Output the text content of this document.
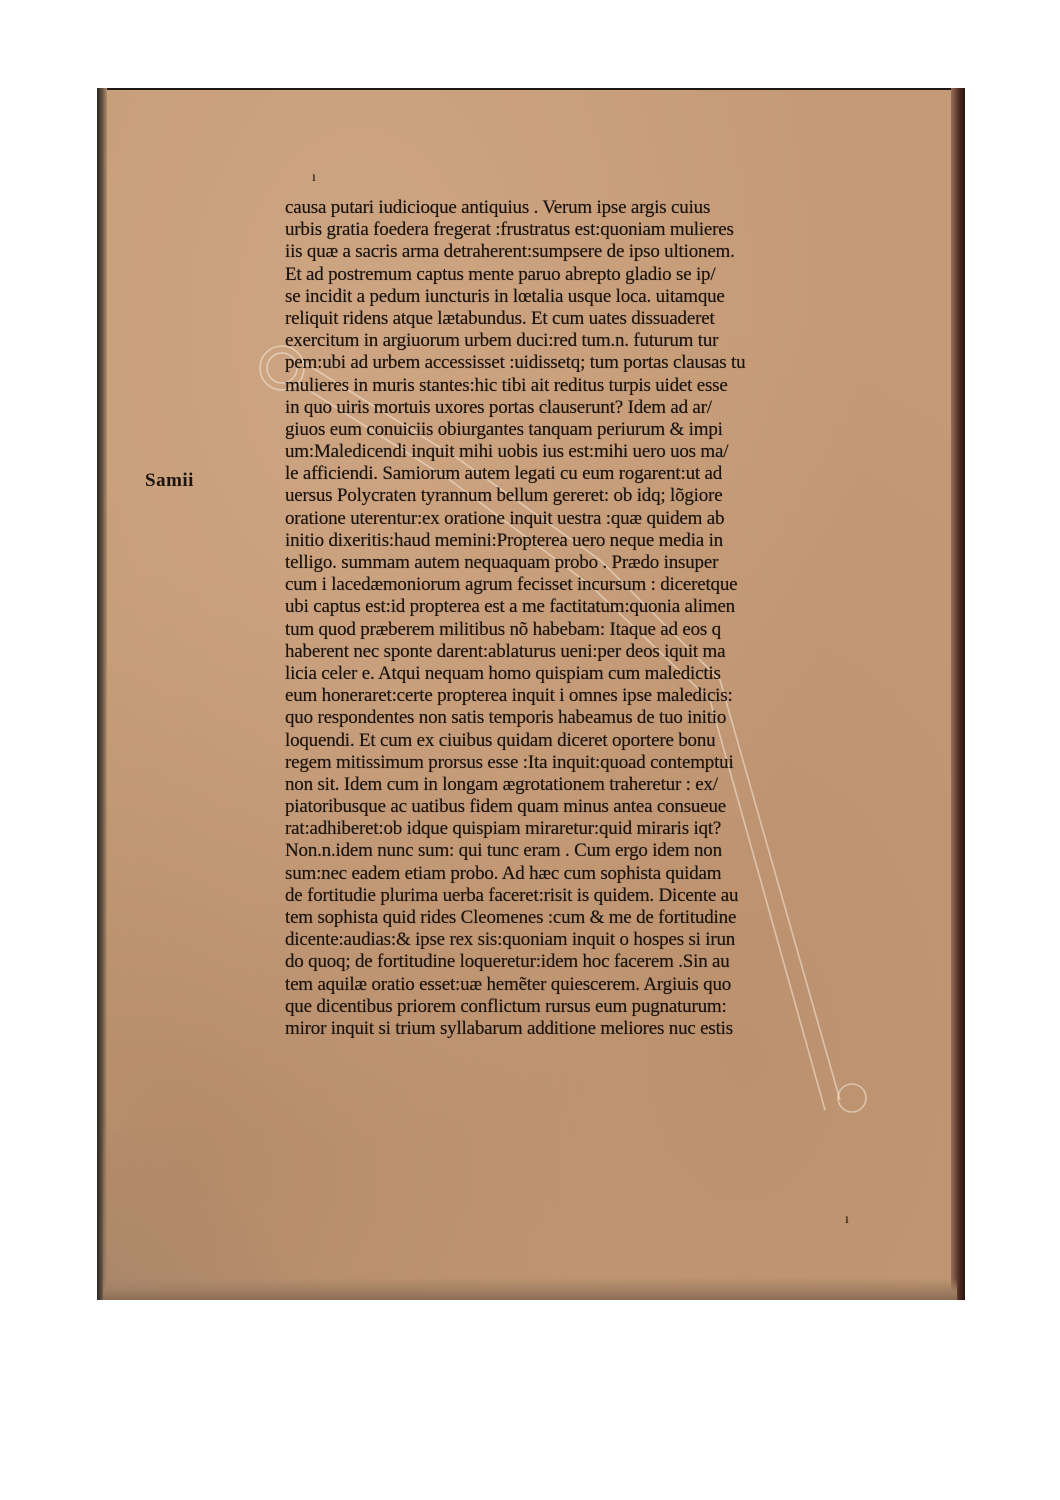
ı
ı
Samii
causa putari iudicioque antiquius . Verum ipse argis cuius
urbis gratia foedera fregerat :frustratus est:quoniam mulieres
iis quæ a sacris arma detraherent:sumpsere de ipso ultionem.
Et ad postremum captus mente paruo abrepto gladio se ip/
se incidit a pedum iuncturis in lœtalia usque loca. uitamque
reliquit ridens atque lætabundus. Et cum uates dissuaderet
exercitum in argiuorum urbem duci:red tum.n. futurum tur
pem:ubi ad urbem accessisset :uidissetq; tum portas clausas tu
mulieres in muris stantes:hic tibi ait reditus turpis uidet esse
in quo uiris mortuis uxores portas clauserunt? Idem ad ar/
giuos eum conuiciis obiurgantes tanquam periurum & impi
um:Maledicendi inquit mihi uobis ius est:mihi uero uos ma/
le afficiendi. Samiorum autem legati cu eum rogarent:ut ad
uersus Polycraten tyrannum bellum gereret: ob idq; lõgiore
oratione uterentur:ex oratione inquit uestra :quæ quidem ab
initio dixeritis:haud memini:Propterea uero neque media in
telligo. summam autem nequaquam probo . Prædo insuper
cum i lacedæmoniorum agrum fecisset incursum : diceretque
ubi captus est:id propterea est a me factitatum:quonia alimen
tum quod præberem militibus nõ habebam: Itaque ad eos q
haberent nec sponte darent:ablaturus ueni:per deos iquit ma
licia celer e. Atqui nequam homo quispiam cum maledictis
eum honeraret:certe propterea inquit i omnes ipse maledicis:
quo respondentes non satis temporis habeamus de tuo initio
loquendi. Et cum ex ciuibus quidam diceret oportere bonu
regem mitissimum prorsus esse :Ita inquit:quoad contemptui
non sit. Idem cum in longam ægrotationem traheretur : ex/
piatoribusque ac uatibus fidem quam minus antea consueue
rat:adhiberet:ob idque quispiam miraretur:quid miraris iqt?
Non.n.idem nunc sum: qui tunc eram . Cum ergo idem non
sum:nec eadem etiam probo. Ad hæc cum sophista quidam
de fortitudie plurima uerba faceret:risit is quidem. Dicente au
tem sophista quid rides Cleomenes :cum & me de fortitudine
dicente:audias:& ipse rex sis:quoniam inquit o hospes si irun
do quoq; de fortitudine loqueretur:idem hoc facerem .Sin au
tem aquilæ oratio esset:uæ hemẽter quiescerem. Argiuis quo
que dicentibus priorem conflictum rursus eum pugnaturum:
miror inquit si trium syllabarum additione meliores nuc estis
